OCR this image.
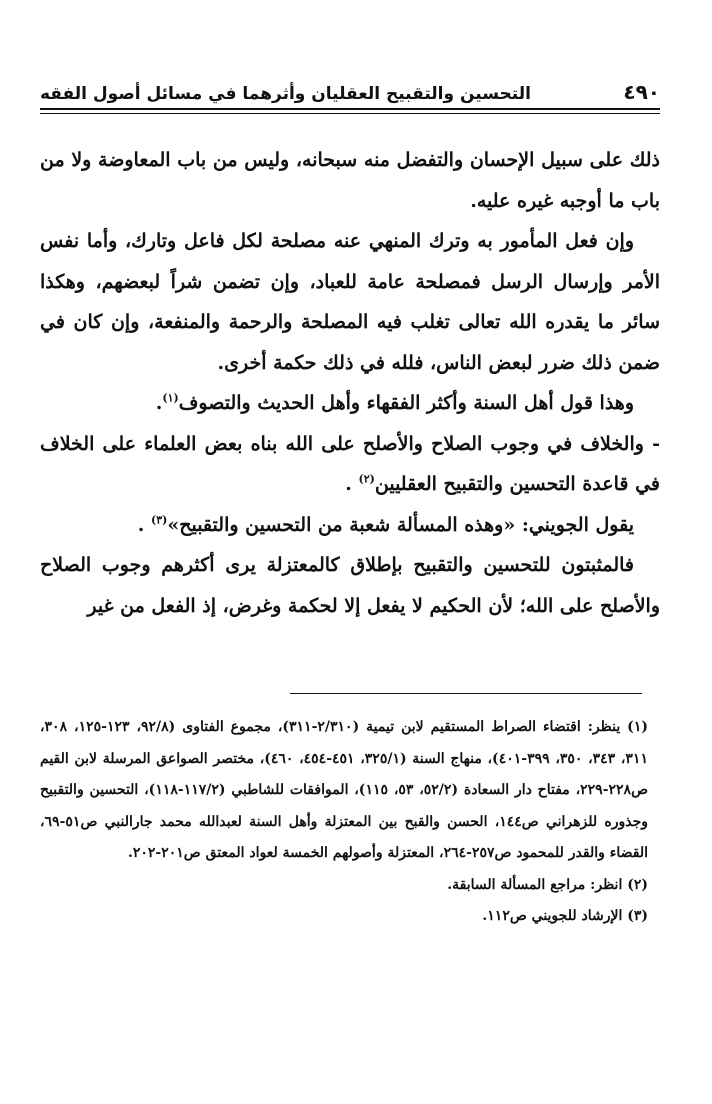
٤٩٠
التحسين والتقبيح العقليان وأثرهما في مسائل أصول الفقه

ذلك على سبيل الإحسان والتفضل منه سبحانه، وليس من باب المعاوضة ولا من باب ما أوجبه غيره عليه.

وإن فعل المأمور به وترك المنهي عنه مصلحة لكل فاعل وتارك، وأما نفس الأمر وإرسال الرسل فمصلحة عامة للعباد، وإن تضمن شراً لبعضهم، وهكذا سائر ما يقدره الله تعالى تغلب فيه المصلحة والرحمة والمنفعة، وإن كان في ضمن ذلك ضرر لبعض الناس، فلله في ذلك حكمة أخرى.

وهذا قول أهل السنة وأكثر الفقهاء وأهل الحديث والتصوف$^{(١)}$.

- والخلاف في وجوب الصلاح والأصلح على الله بناه بعض العلماء على الخلاف في قاعدة التحسين والتقبيح العقليين$^{(٢)}$ .

يقول الجويني: «وهذه المسألة شعبة من التحسين والتقبيح»$^{(٣)}$ .

فالمثبتون للتحسين والتقبيح بإطلاق كالمعتزلة يرى أكثرهم وجوب الصلاح والأصلح على الله؛ لأن الحكيم لا يفعل إلا لحكمة وغرض، إذ الفعل من غير

(١) ينظر: اقتضاء الصراط المستقيم لابن تيمية (٢/٣١٠-٣١١)، مجموع الفتاوى (٩٢/٨، ١٢٣-١٢٥، ٣٠٨، ٣١١، ٣٤٣، ٣٥٠، ٣٩٩-٤٠١)، منهاج السنة (٣٢٥/١، ٤٥١-٤٥٤، ٤٦٠)، مختصر الصواعق المرسلة لابن القيم ص٢٢٨-٢٢٩، مفتاح دار السعادة (٥٢/٢، ٥٣، ١١٥)، الموافقات للشاطبي (١١٧/٢-١١٨)، التحسين والتقبيح وجذوره للزهراني ص١٤٤، الحسن والقبح بين المعتزلة وأهل السنة لعبدالله محمد جارالنبي ص٥١-٦٩، القضاء والقدر للمحمود ص٢٥٧-٢٦٤، المعتزلة وأصولهم الخمسة لعواد المعتق ص٢٠١-٢٠٢.

(٢) انظر: مراجع المسألة السابقة.

(٣) الإرشاد للجويني ص١١٢.
